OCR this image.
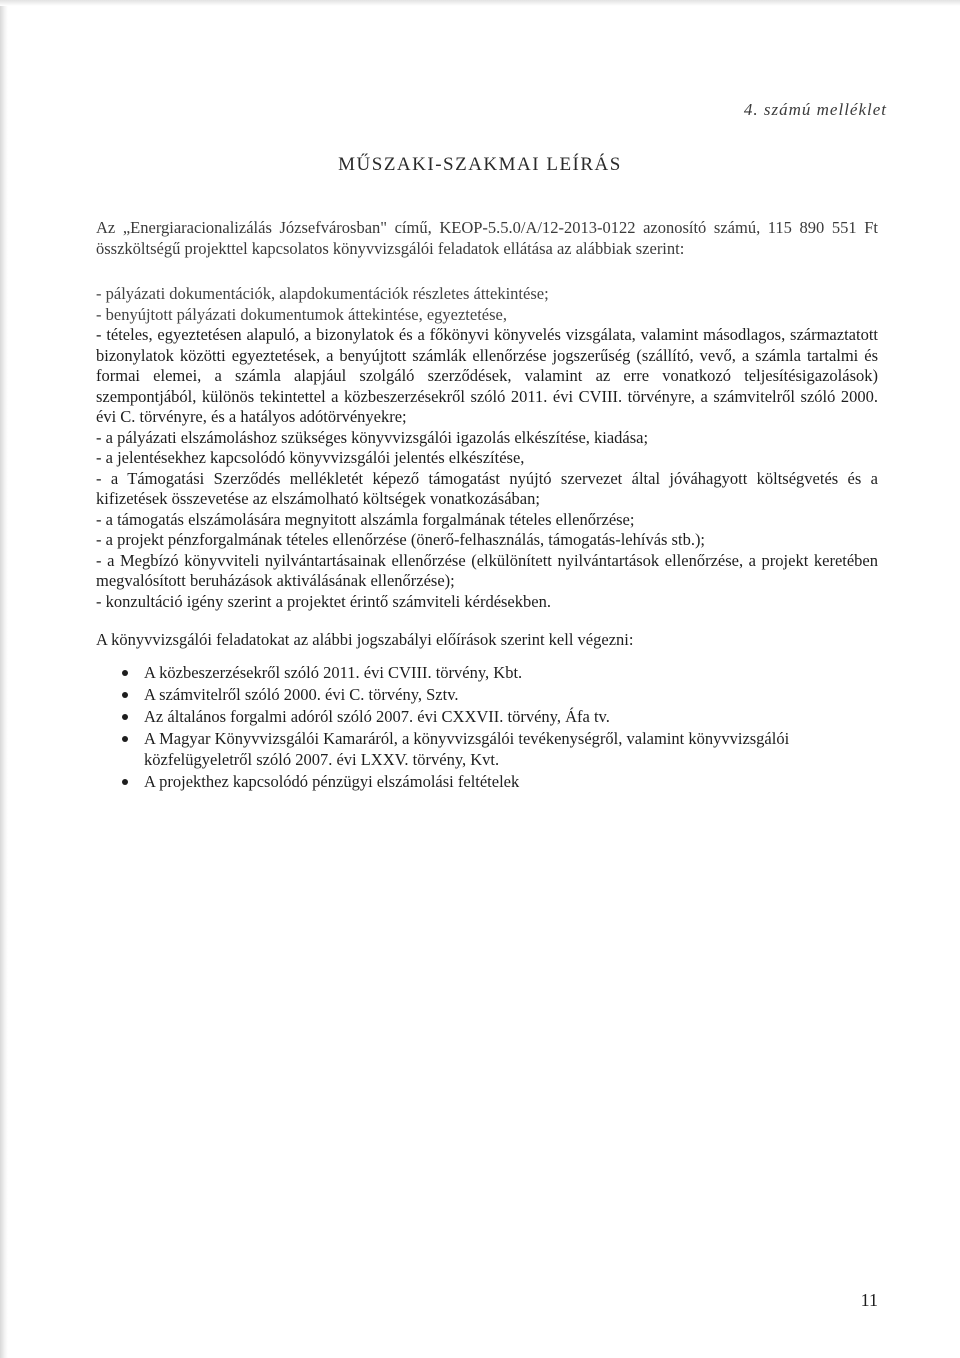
4. számú melléklet
MŰSZAKI-SZAKMAI LEÍRÁS
Az „Energiaracionalizálás Józsefvárosban" című, KEOP-5.5.0/A/12-2013-0122 azonosító számú, 115 890 551 Ft összköltségű projekttel kapcsolatos könyvvizsgálói feladatok ellátása az alábbiak szerint:

- pályázati dokumentációk, alapdokumentációk részletes áttekintése;

- benyújtott pályázati dokumentumok áttekintése, egyeztetése,

- tételes, egyeztetésen alapuló, a bizonylatok és a főkönyvi könyvelés vizsgálata, valamint másodlagos, származtatott bizonylatok közötti egyeztetések, a benyújtott számlák ellenőrzése jogszerűség (szállító, vevő, a számla tartalmi és formai elemei, a számla alapjául szolgáló szerződések, valamint az erre vonatkozó teljesítésigazolások) szempontjából, különös tekintettel a közbeszerzésekről szóló 2011. évi CVIII. törvényre, a számvitelről szóló 2000. évi C. törvényre, és a hatályos adótörvényekre;

- a pályázati elszámoláshoz szükséges könyvvizsgálói igazolás elkészítése, kiadása;

- a jelentésekhez kapcsolódó könyvvizsgálói jelentés elkészítése,

- a Támogatási Szerződés mellékletét képező támogatást nyújtó szervezet által jóváhagyott költségvetés és a kifizetések összevetése az elszámolható költségek vonatkozásában;

- a támogatás elszámolására megnyitott alszámla forgalmának tételes ellenőrzése;

- a projekt pénzforgalmának tételes ellenőrzése (önerő-felhasználás, támogatás-lehívás stb.);

- a Megbízó könyvviteli nyilvántartásainak ellenőrzése (elkülönített nyilvántartások ellenőrzése, a projekt keretében megvalósított beruházások aktiválásának ellenőrzése);

- konzultáció igény szerint a projektet érintő számviteli kérdésekben.

A könyvvizsgálói feladatokat az alábbi jogszabályi előírások szerint kell végezni:
A közbeszerzésekről szóló 2011. évi CVIII. törvény, Kbt.
A számvitelről szóló 2000. évi C. törvény, Sztv.
Az általános forgalmi adóról szóló 2007. évi CXXVII. törvény, Áfa tv.
A Magyar Könyvvizsgálói Kamaráról, a könyvvizsgálói tevékenységről, valamint könyvvizsgálói közfelügyeletről szóló 2007. évi LXXV. törvény, Kvt.
A projekthez kapcsolódó pénzügyi elszámolási feltételek
11
